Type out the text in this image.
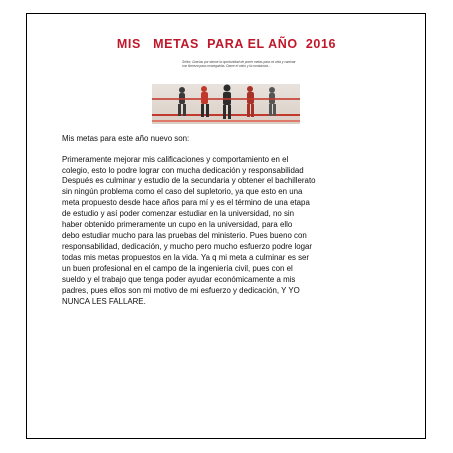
MIS   METAS  PARA EL AÑO  2016
Señor, Gracias por darme la oportunidad de poner metas para mi vida y caminar con firmeza para conseguirlas. Dame el valor y la constancia...
Mis metas para este año nuevo son:
Primeramente mejorar mis calificaciones y comportamiento en el
colegio, esto lo podre lograr con mucha dedicación y responsabilidad
Después es culminar y estudio de la secundaria y obtener el bachillerato
sin ningún problema como el caso del supletorio, ya que esto en una
meta propuesto desde hace años para mí y es el término de una etapa
de estudio y así poder comenzar estudiar en la universidad, no sin
haber obtenido primeramente un cupo en la universidad, para ello
debo estudiar mucho para las pruebas del ministerio. Pues bueno con
responsabilidad, dedicación, y mucho pero mucho esfuerzo podre logar
todas mis metas propuestos en la vida. Ya q mi meta a culminar es ser
un buen profesional en el campo de la ingeniería civil, pues con el
sueldo y el trabajo que tenga poder ayudar económicamente a mis
padres, pues ellos son mi motivo de mi esfuerzo y dedicación, Y YO
NUNCA LES FALLARE.
